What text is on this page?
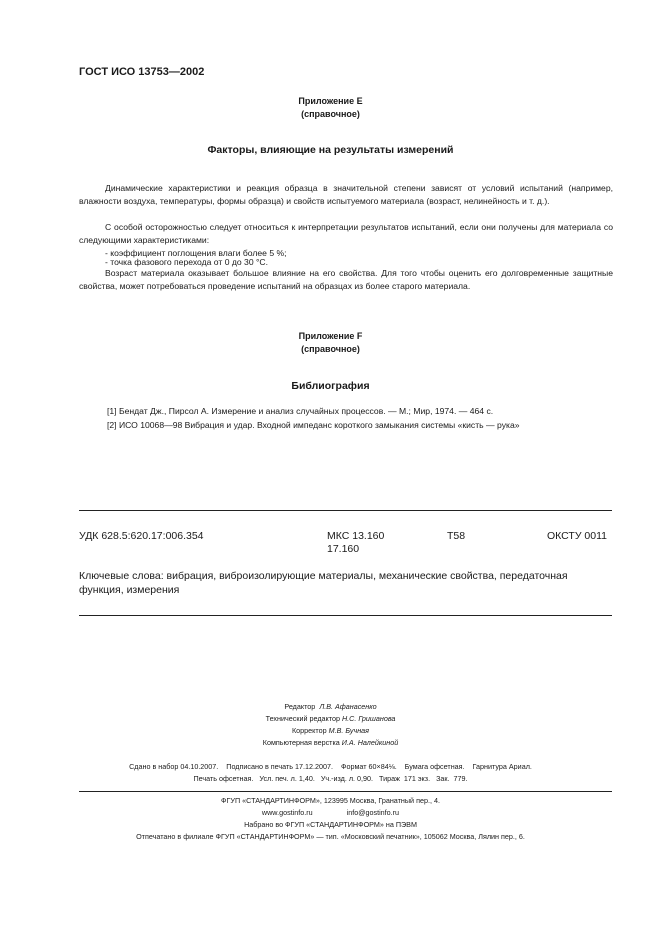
ГОСТ ИСО 13753—2002
Приложение Е
(справочное)
Факторы, влияющие на результаты измерений
Динамические характеристики и реакция образца в значительной степени зависят от условий испытаний (например, влажности воздуха, температуры, формы образца) и свойств испытуемого материала (возраст, нелинейность и т. д.).
С особой осторожностью следует относиться к интерпретации результатов испытаний, если они получены для материала со следующими характеристиками:
- коэффициент поглощения влаги более 5 %;
- точка фазового перехода от 0 до 30 °С.
Возраст материала оказывает большое влияние на его свойства. Для того чтобы оценить его долговременные защитные свойства, может потребоваться проведение испытаний на образцах из более старого материала.
Приложение F
(справочное)
Библиография
[1] Бендат Дж., Пирсол А. Измерение и анализ случайных процессов. — М.; Мир, 1974. — 464 с.
[2] ИСО 10068—98 Вибрация и удар. Входной импеданс короткого замыкания системы «кисть — рука»
УДК 628.5:620.17:006.354	МКС 13.160
17.160
Т58	ОКСТУ 0011
Ключевые слова: вибрация, виброизолирующие материалы, механические свойства, передаточная функция, измерения
Редактор Л.В. Афанасенко
Технический редактор Н.С. Гришанова
Корректор М.В. Бучная
Компьютерная верстка И.А. Налейкиной
Сдано в набор 04.10.2007.    Подписано в печать 17.12.2007.    Формат 60×84⅛.    Бумага офсетная.    Гарнитура Ариал.
Печать офсетная.   Усл. печ. л. 1,40.   Уч.-изд. л. 0,90.   Тираж  171 экз.   Зак.  779.
ФГУП «СТАНДАРТИНФОРМ», 123995 Москва, Гранатный пер., 4.
www.gostinfo.ru                 info@gostinfo.ru
Набрано во ФГУП «СТАНДАРТИНФОРМ» на ПЭВМ
Отпечатано в филиале ФГУП «СТАНДАРТИНФОРМ» — тип. «Московский печатник», 105062 Москва, Лялин пер., 6.
